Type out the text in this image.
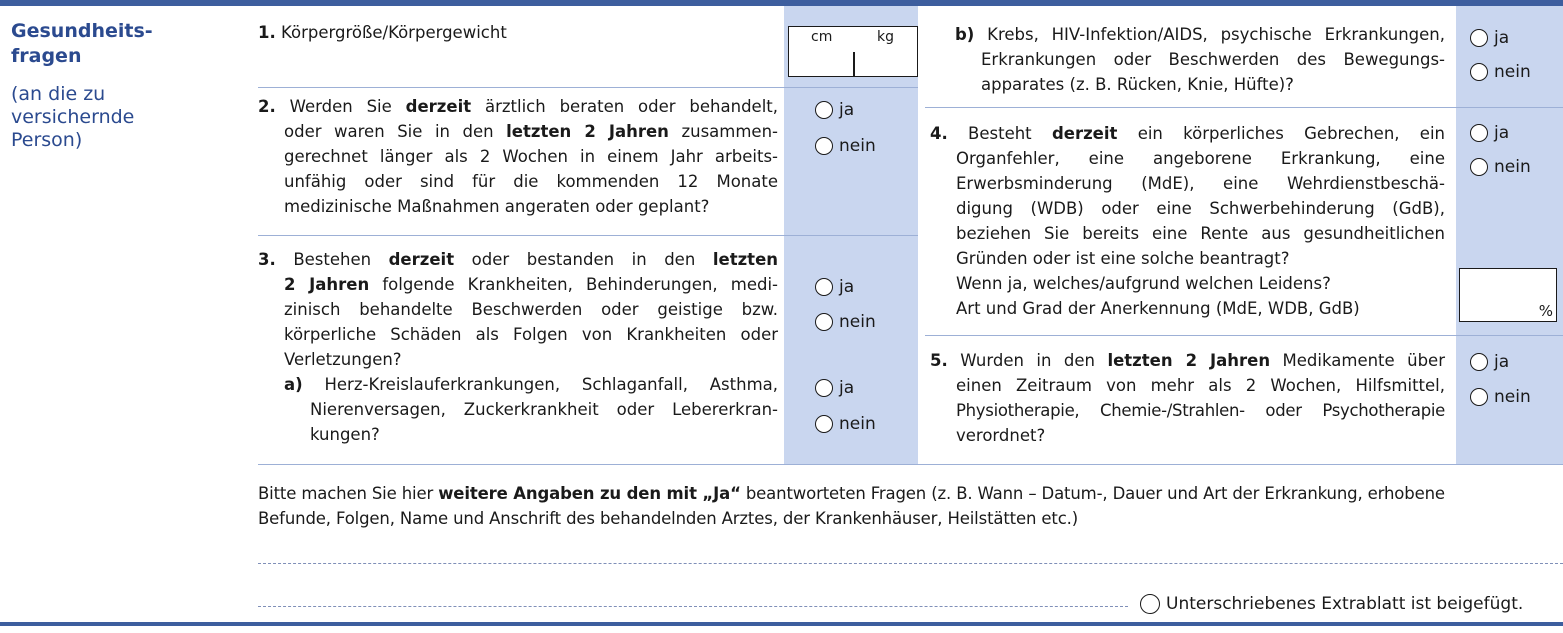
Gesundheits-
fragen
(an die zu
versichernde
Person)
1. Körpergröße/Körpergewicht	cm	kg

2. Werden Sie derzeit ärztlich beraten oder behandelt,

oder waren Sie in den letzten 2 Jahren zusammen-

gerechnet länger als 2 Wochen in einem Jahr arbeits-

unfähig oder sind für die kommenden 12 Monate

medizinische Maßnahmen angeraten oder geplant?

ja
nein

3. Bestehen derzeit oder bestanden in den letzten

2 Jahren folgende Krankheiten, Behinderungen, medi-

zinisch behandelte Beschwerden oder geistige bzw.

körperliche Schäden als Folgen von Krankheiten oder

Verletzungen?

a) Herz-Kreislauferkrankungen, Schlaganfall, Asthma,

Nierenversagen, Zuckerkrankheit oder Lebererkran-

kungen?

ja
nein
ja
nein

b) Krebs, HIV-Infektion/AIDS, psychische Erkrankungen,

Erkrankungen oder Beschwerden des Bewegungs-

apparates (z. B. Rücken, Knie, Hüfte)?

ja
nein

4. Besteht derzeit ein körperliches Gebrechen, ein

Organfehler, eine angeborene Erkrankung, eine

Erwerbsminderung (MdE), eine Wehrdienstbeschä-

digung (WDB) oder eine Schwerbehinderung (GdB),

beziehen Sie bereits eine Rente aus gesundheitlichen

Gründen oder ist eine solche beantragt?

Wenn ja, welches/aufgrund welchen Leidens?

Art und Grad der Anerkennung (MdE, WDB, GdB)

ja
nein
%

5. Wurden in den letzten 2 Jahren Medikamente über

einen Zeitraum von mehr als 2 Wochen, Hilfsmittel,

Physiotherapie, Chemie-/Strahlen- oder Psychotherapie

verordnet?

ja
nein

Bitte machen Sie hier weitere Angaben zu den mit „Ja“ beantworteten Fragen (z. B. Wann – Datum-, Dauer und Art der Erkrankung, erhobene

Befunde, Folgen, Name und Anschrift des behandelnden Arztes, der Krankenhäuser, Heilstätten etc.)

Unterschriebenes Extrablatt ist beigefügt.
